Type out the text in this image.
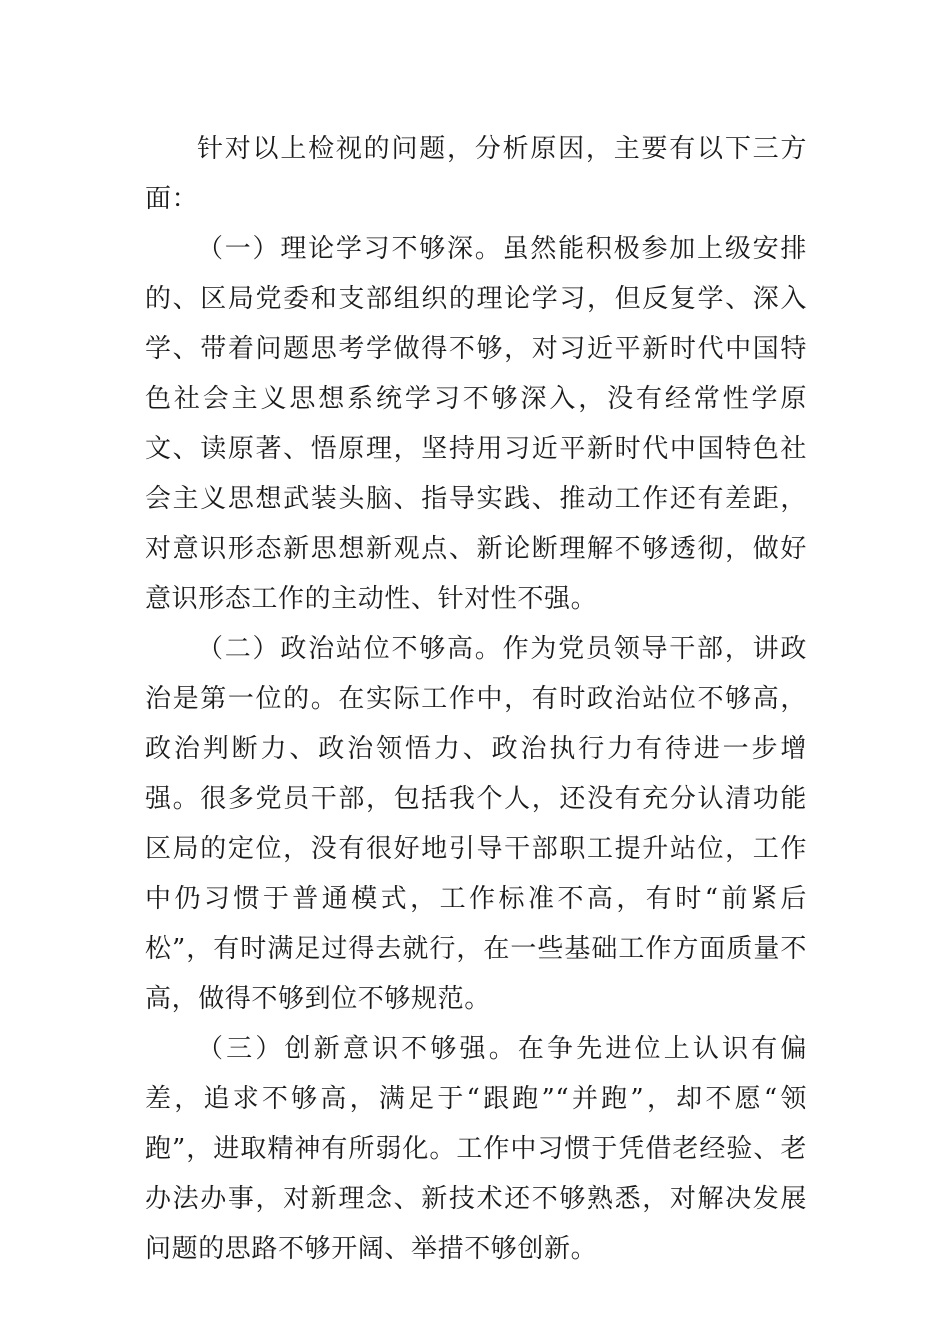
针对以上检视的问题，分析原因，主要有以下三方面：

（一）理论学习不够深。虽然能积极参加上级安排的、区局党委和支部组织的理论学习，但反复学、深入学、带着问题思考学做得不够，对习近平新时代中国特色社会主义思想系统学习不够深入，没有经常性学原文、读原著、悟原理，坚持用习近平新时代中国特色社会主义思想武装头脑、指导实践、推动工作还有差距，对意识形态新思想新观点、新论断理解不够透彻，做好意识形态工作的主动性、针对性不强。

（二）政治站位不够高。作为党员领导干部，讲政治是第一位的。在实际工作中，有时政治站位不够高，政治判断力、政治领悟力、政治执行力有待进一步增强。很多党员干部，包括我个人，还没有充分认清功能区局的定位，没有很好地引导干部职工提升站位，工作中仍习惯于普通模式，工作标准不高，有时“前紧后松”，有时满足过得去就行，在一些基础工作方面质量不高，做得不够到位不够规范。

（三）创新意识不够强。在争先进位上认识有偏差，追求不够高，满足于“跟跑”“并跑”，却不愿“领跑”，进取精神有所弱化。工作中习惯于凭借老经验、老办法办事，对新理念、新技术还不够熟悉，对解决发展问题的思路不够开阔、举措不够创新。
